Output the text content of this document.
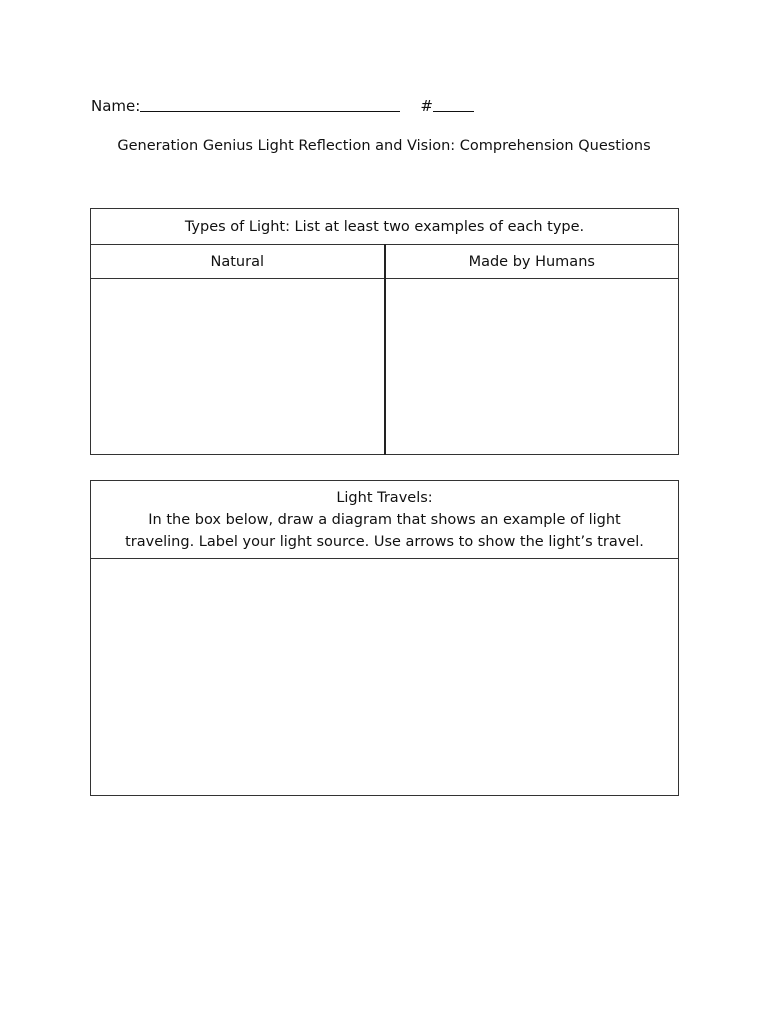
Name:	#
Generation Genius Light Reflection and Vision: Comprehension Questions
Types of Light: List at least two examples of each type.	
Natural	Made by Humans

Light Travels:
In the box below, draw a diagram that shows an example of light
traveling. Label your light source. Use arrows to show the light’s travel.
